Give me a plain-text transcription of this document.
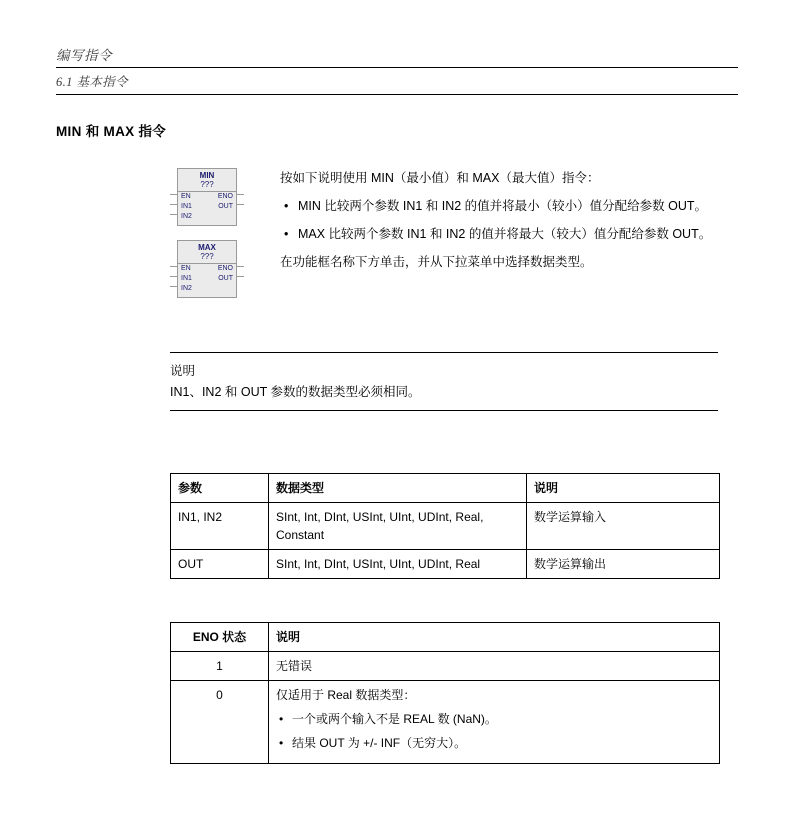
编写指令
6.1 基本指令
MIN 和 MAX 指令
MIN
???
EN	ENO
IN1	OUT
IN2
MAX
???
EN	ENO
IN1	OUT
IN2

按如下说明使用 MIN（最小值）和 MAX（最大值）指令：

• MIN 比较两个参数 IN1 和 IN2 的值并将最小（较小）值分配给参数 OUT。
• MAX 比较两个参数 IN1 和 IN2 的值并将最大（较大）值分配给参数 OUT。

在功能框名称下方单击，并从下拉菜单中选择数据类型。

说明
IN1、IN2 和 OUT 参数的数据类型必须相同。
参数	数据类型	说明
IN1, IN2	SInt, Int, DInt, USInt, UInt, UDInt, Real, Constant	数学运算输入
OUT	SInt, Int, DInt, USInt, UInt, UDInt, Real	数学运算输出
ENO 状态	说明
1	无错误
0	仅适用于 Real 数据类型：
• 一个或两个输入不是 REAL 数 (NaN)。
• 结果 OUT 为 +/- INF（无穷大）。
